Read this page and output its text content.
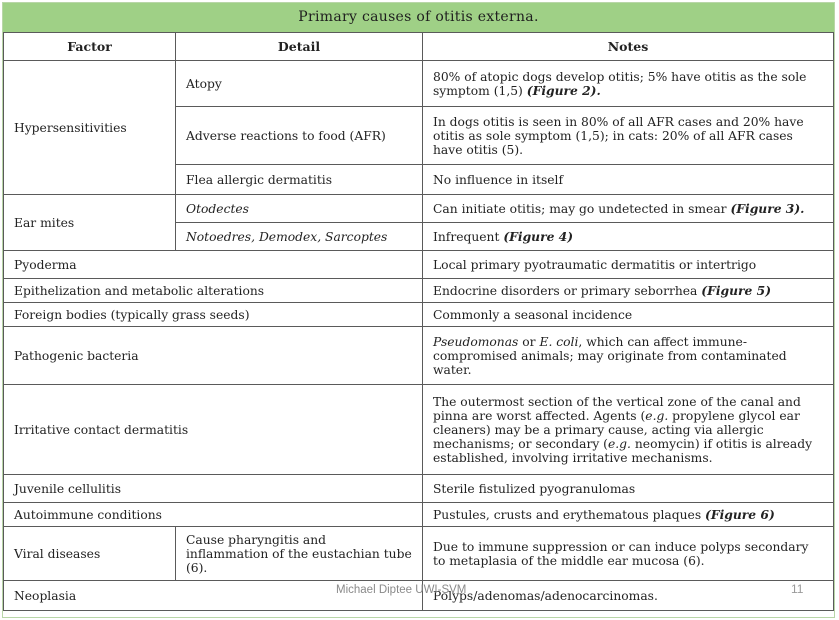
Primary causes of otitis externa.
Factor	Detail	Notes
Hypersensitivities	Atopy	80% of atopic dogs develop otitis; 5% have otitis as the sole symptom (1,5) (Figure 2).
	Adverse reactions to food (AFR)	In dogs otitis is seen in 80% of all AFR cases and 20% have otitis as sole symptom (1,5); in cats: 20% of all AFR cases have otitis (5).
	Flea allergic dermatitis	No influence in itself
Ear mites	Otodectes	Can initiate otitis; may go undetected in smear (Figure 3).
	Notoedres, Demodex, Sarcoptes	Infrequent (Figure 4)
Pyoderma		Local primary pyotraumatic dermatitis or intertrigo
Epithelization and metabolic alterations		Endocrine disorders or primary seborrhea (Figure 5)
Foreign bodies (typically grass seeds)		Commonly a seasonal incidence
Pathogenic bacteria		Pseudomonas or E. coli, which can affect immune-compromised animals; may originate from contaminated water.
Irritative contact dermatitis		The outermost section of the vertical zone of the canal and pinna are worst affected. Agents (e.g. propylene glycol ear cleaners) may be a primary cause, acting via allergic mechanisms; or secondary (e.g. neomycin) if otitis is already established, involving irritative mechanisms.
Juvenile cellulitis		Sterile fistulized pyogranulomas
Autoimmune conditions		Pustules, crusts and erythematous plaques (Figure 6)
Viral diseases	Cause pharyngitis and inflammation of the eustachian tube (6).	Due to immune suppression or can induce polyps secondary to metaplasia of the middle ear mucosa (6).
Neoplasia		Polyps/adenomas/adenocarcinomas.
Michael Diptee UWI-SVM	11
